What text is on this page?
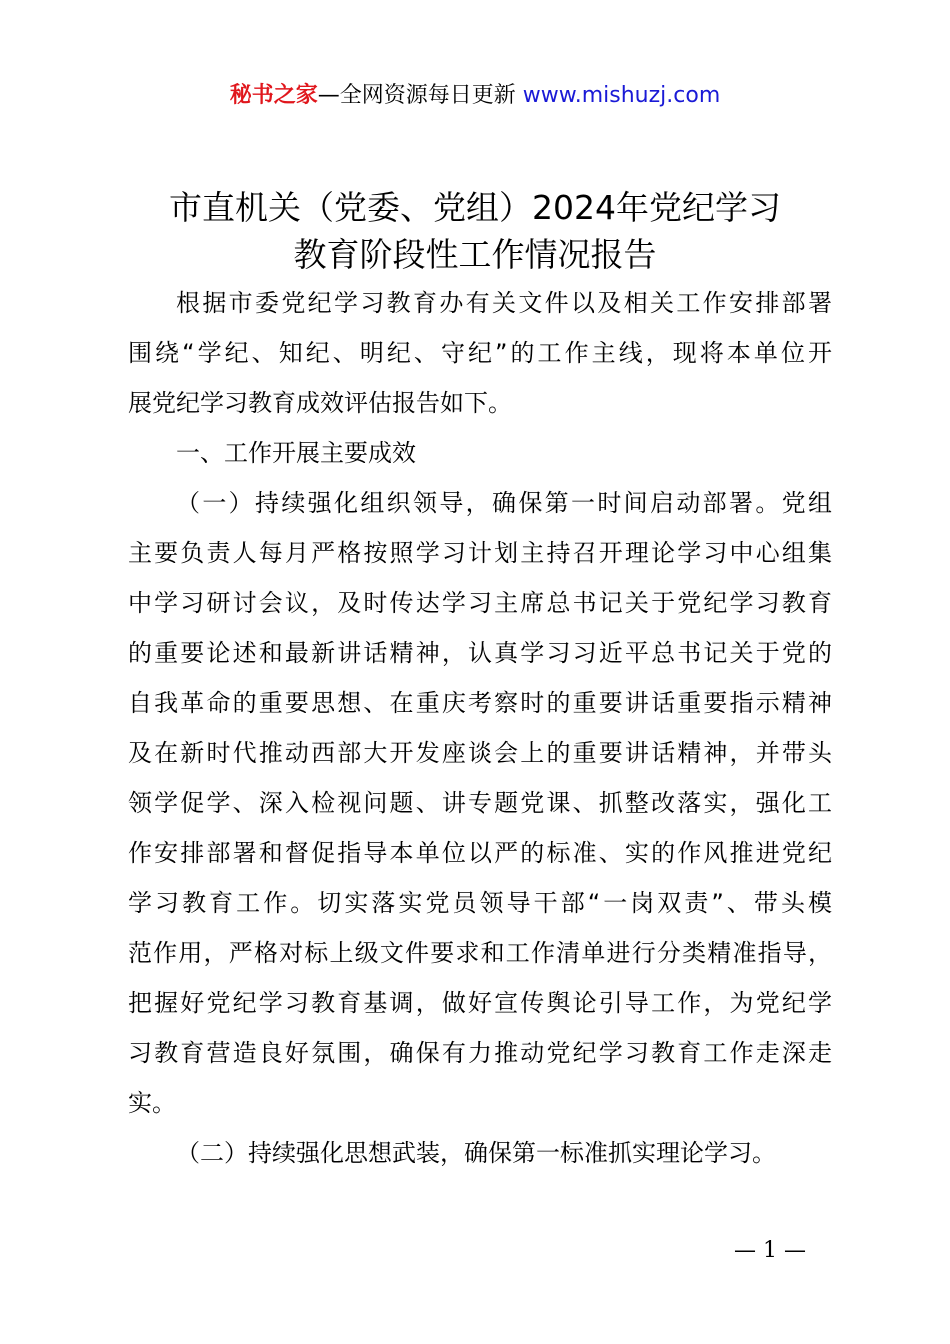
秘书之家—全网资源每日更新 www.mishuzj.com
市直机关（党委、党组）2024年党纪学习
教育阶段性工作情况报告
根据市委党纪学习教育办有关文件以及相关工作安排部署
围绕“学纪、知纪、明纪、守纪”的工作主线，现将本单位开
展党纪学习教育成效评估报告如下。
一、工作开展主要成效
（一）持续强化组织领导，确保第一时间启动部署。党组
主要负责人每月严格按照学习计划主持召开理论学习中心组集
中学习研讨会议，及时传达学习主席总书记关于党纪学习教育
的重要论述和最新讲话精神，认真学习习近平总书记关于党的
自我革命的重要思想、在重庆考察时的重要讲话重要指示精神
及在新时代推动西部大开发座谈会上的重要讲话精神，并带头
领学促学、深入检视问题、讲专题党课、抓整改落实，强化工
作安排部署和督促指导本单位以严的标准、实的作风推进党纪
学习教育工作。切实落实党员领导干部“一岗双责”、带头模
范作用，严格对标上级文件要求和工作清单进行分类精准指导，
把握好党纪学习教育基调，做好宣传舆论引导工作，为党纪学
习教育营造良好氛围，确保有力推动党纪学习教育工作走深走
实。
（二）持续强化思想武装，确保第一标准抓实理论学习。
— 1 —
